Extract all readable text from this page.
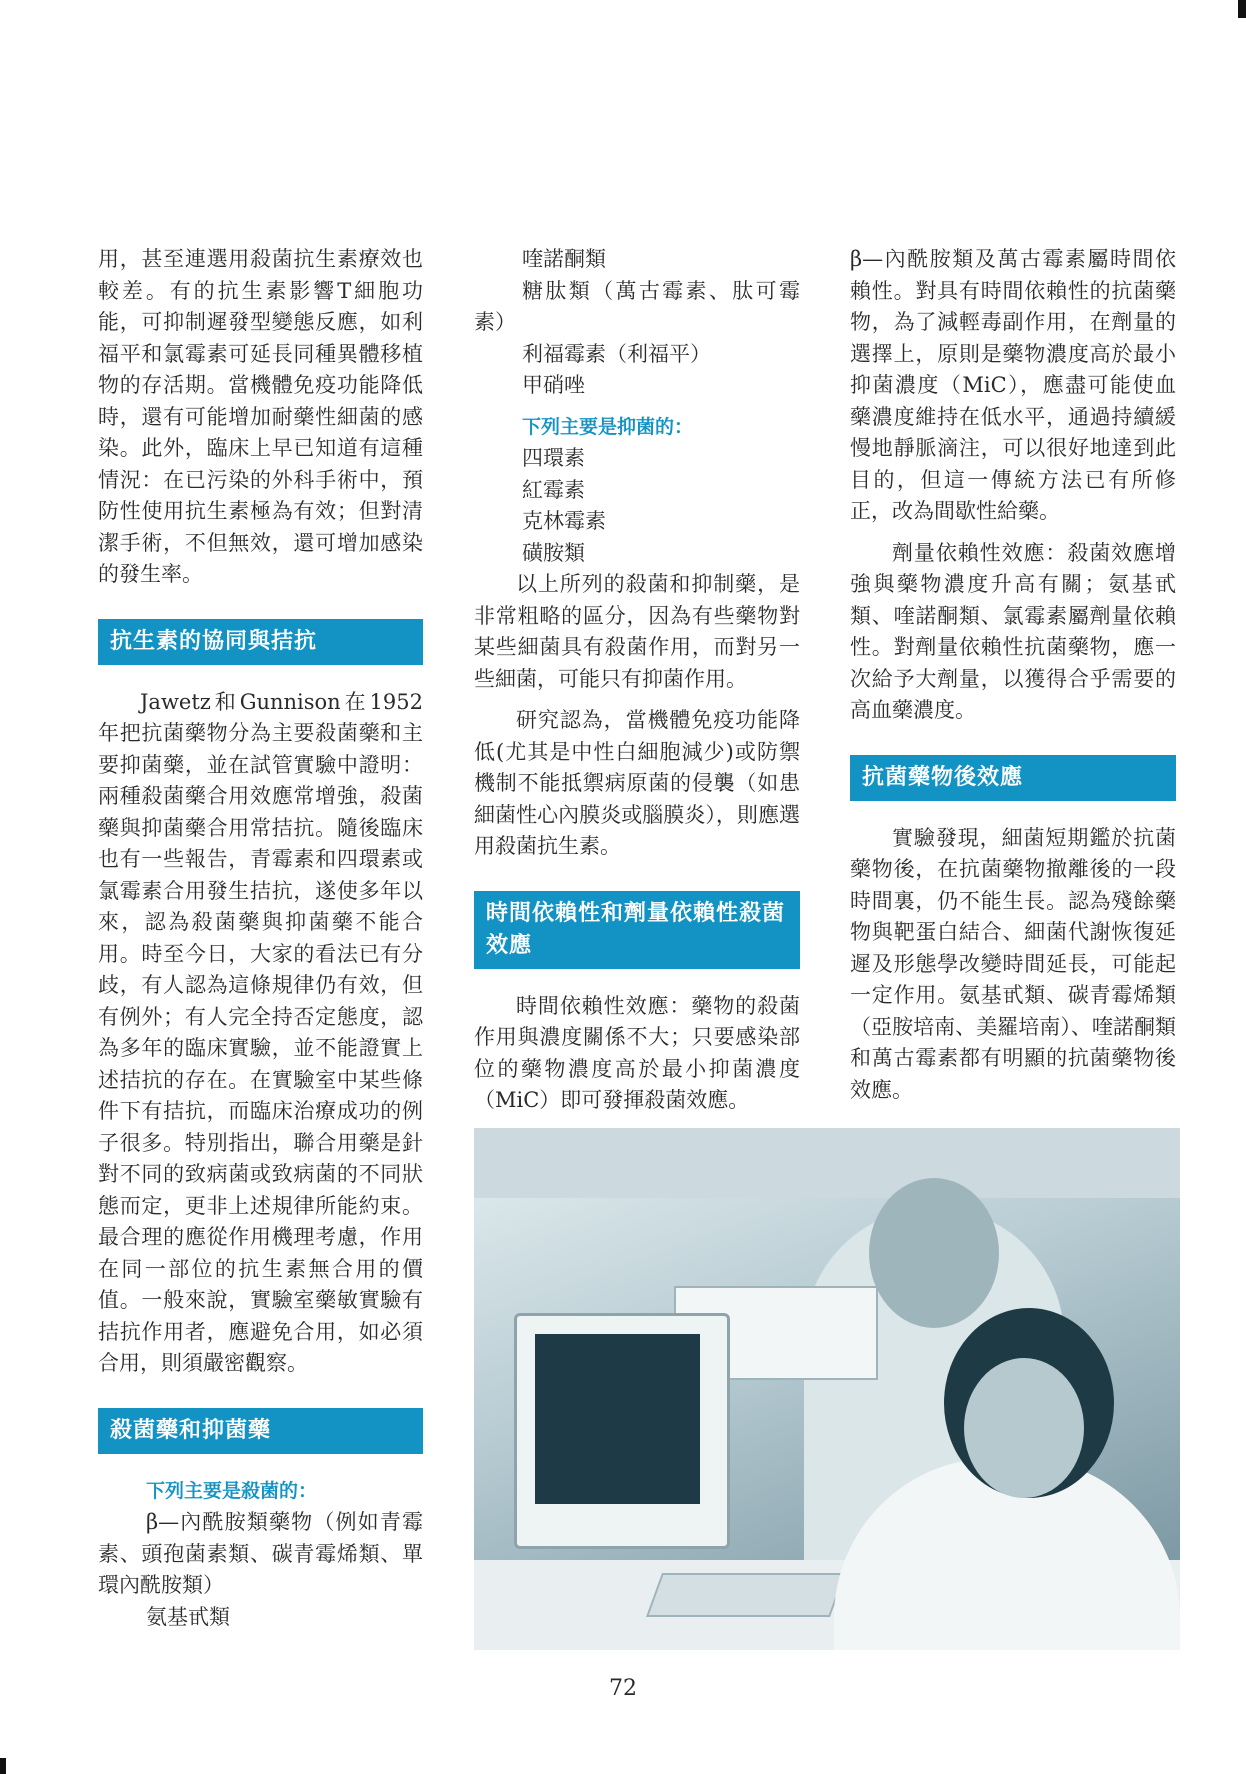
用，甚至連選用殺菌抗生素療效也較差。有的抗生素影響T細胞功能，可抑制遲發型變態反應，如利福平和氯霉素可延長同種異體移植物的存活期。當機體免疫功能降低時，還有可能增加耐藥性細菌的感染。此外，臨床上早已知道有這種情況：在已污染的外科手術中，預防性使用抗生素極為有效；但對清潔手術，不但無效，還可增加感染的發生率。

抗生素的協同與拮抗

Jawetz和Gunnison在1952年把抗菌藥物分為主要殺菌藥和主要抑菌藥，並在試管實驗中證明：兩種殺菌藥合用效應常增強，殺菌藥與抑菌藥合用常拮抗。隨後臨床也有一些報告，青霉素和四環素或氯霉素合用發生拮抗，遂使多年以來，認為殺菌藥與抑菌藥不能合用。時至今日，大家的看法已有分歧，有人認為這條規律仍有效，但有例外；有人完全持否定態度，認為多年的臨床實驗，並不能證實上述拮抗的存在。在實驗室中某些條件下有拮抗，而臨床治療成功的例子很多。特別指出，聯合用藥是針對不同的致病菌或致病菌的不同狀態而定，更非上述規律所能約束。最合理的應從作用機理考慮，作用在同一部位的抗生素無合用的價值。一般來說，實驗室藥敏實驗有拮抗作用者，應避免合用，如必須合用，則須嚴密觀察。

殺菌藥和抑菌藥
下列主要是殺菌的：

β—內酰胺類藥物（例如青霉素、頭孢菌素類、碳青霉烯類、單環內酰胺類）

氨基甙類

喹諾酮類

糖肽類（萬古霉素、肽可霉素）

利福霉素（利福平）

甲硝唑

下列主要是抑菌的：

四環素

紅霉素

克林霉素

磺胺類

以上所列的殺菌和抑制藥，是非常粗略的區分，因為有些藥物對某些細菌具有殺菌作用，而對另一些細菌，可能只有抑菌作用。

研究認為，當機體免疫功能降低(尤其是中性白細胞減少)或防禦機制不能抵禦病原菌的侵襲（如患細菌性心內膜炎或腦膜炎），則應選用殺菌抗生素。

時間依賴性和劑量依賴性殺菌效應

時間依賴性效應：藥物的殺菌作用與濃度關係不大；只要感染部位的藥物濃度高於最小抑菌濃度（MiC）即可發揮殺菌效應。

β—內酰胺類及萬古霉素屬時間依賴性。對具有時間依賴性的抗菌藥物，為了減輕毒副作用，在劑量的選擇上，原則是藥物濃度高於最小抑菌濃度（MiC），應盡可能使血藥濃度維持在低水平，通過持續緩慢地靜脈滴注，可以很好地達到此目的，但這一傳統方法已有所修正，改為間歇性給藥。

劑量依賴性效應：殺菌效應增強與藥物濃度升高有關；氨基甙類、喹諾酮類、氯霉素屬劑量依賴性。對劑量依賴性抗菌藥物，應一次給予大劑量，以獲得合乎需要的高血藥濃度。

抗菌藥物後效應

實驗發現，細菌短期鑑於抗菌藥物後，在抗菌藥物撤離後的一段時間裏，仍不能生長。認為殘餘藥物與靶蛋白結合、細菌代謝恢復延遲及形態學改變時間延長，可能起一定作用。氨基甙類、碳青霉烯類（亞胺培南、美羅培南）、喹諾酮類和萬古霉素都有明顯的抗菌藥物後效應。

72
